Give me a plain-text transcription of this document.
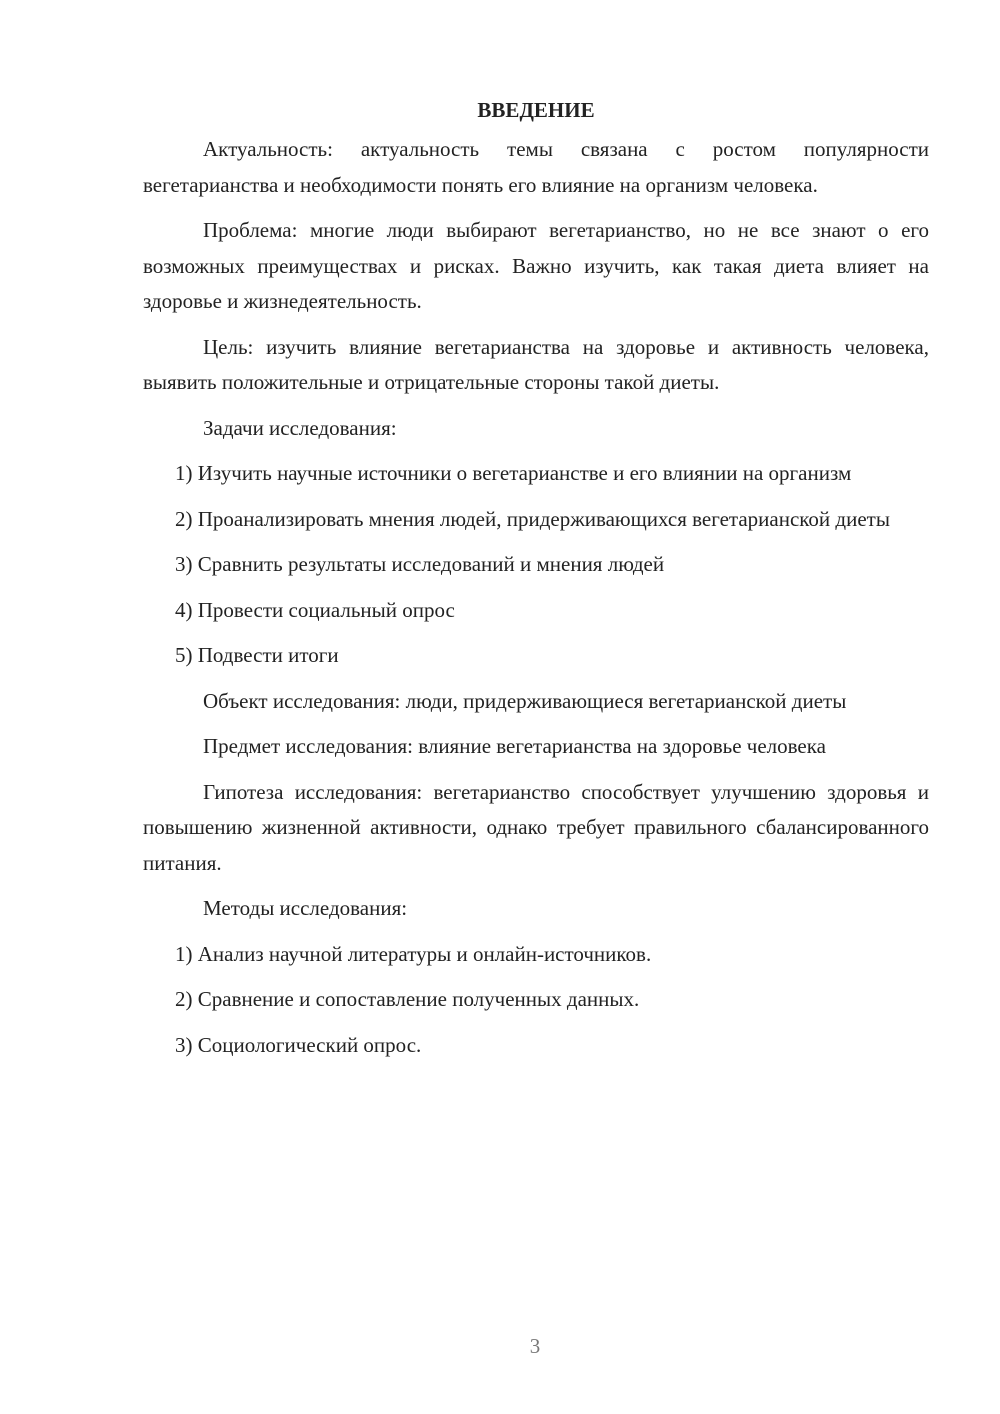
ВВЕДЕНИЕ

Актуальность: актуальность темы связана с ростом популярности вегетарианства и необходимости понять его влияние на организм человека.

Проблема: многие люди выбирают вегетарианство, но не все знают о его возможных преимуществах и рисках. Важно изучить, как такая диета влияет на здоровье и жизнедеятельность.

Цель: изучить влияние вегетарианства на здоровье и активность человека, выявить положительные и отрицательные стороны такой диеты.

Задачи исследования:

1) Изучить научные источники о вегетарианстве и его влиянии на организм

2) Проанализировать мнения людей, придерживающихся вегетарианской диеты

3) Сравнить результаты исследований и мнения людей

4) Провести социальный опрос

5) Подвести итоги

Объект исследования: люди, придерживающиеся вегетарианской диеты

Предмет исследования: влияние вегетарианства на здоровье человека

Гипотеза исследования: вегетарианство способствует улучшению здоровья и повышению жизненной активности, однако требует правильного сбалансированного питания.

Методы исследования:

1) Анализ научной литературы и онлайн-источников.

2) Сравнение и сопоставление полученных данных.

3) Социологический опрос.

3
